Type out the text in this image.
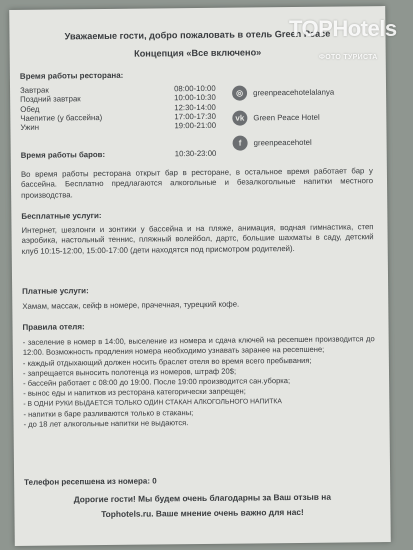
Уважаемые гости, добро пожаловать в отель Green Peace
Концепция «Все включено»
Время работы ресторана:
Завтрак	08:00-10:00
Поздний завтрак	10:00-10:30
Обед	12:30-14:00
Чаепитие (у бассейна)	17:00-17:30
Ужин	19:00-21:00
Время работы баров:	10:30-23:00
◎	greenpeacehotelalanya
vk	Green Peace Hotel
f	greenpeacehotel
Во время работы ресторана открыт бар в ресторане, в остальное время работает бар у бассейна. Бесплатно предлагаются алкогольные и безалкогольные напитки местного производства.
Бесплатные услуги:
Интернет, шезлонги и зонтики у бассейна и на пляже, анимация, водная гимнастика, степ аэробика, настольный теннис, пляжный волейбол, дартс, большие шахматы в саду, детский клуб 10:15-12:00, 15:00-17:00 (дети находятся под присмотром родителей).
Платные услуги:
Хамам, массаж, сейф в номере, прачечная, турецкий кофе.
Правила отеля:
- заселение в номер в 14:00, выселение из номера и сдача ключей на ресепшен производится до 12:00. Возможность продления номера необходимо узнавать заранее на ресепшене;
- каждый отдыхающий должен носить браслет отеля во время всего пребывания;
- запрещается выносить полотенца из номеров, штраф 20$;
- бассейн работает с 08:00 до 19:00. После 19:00 производится сан.уборка;
- вынос еды и напитков из ресторана категорически запрещен;
- В ОДНИ РУКИ ВЫДАЕТСЯ ТОЛЬКО ОДИН СТАКАН АЛКОГОЛЬНОГО НАПИТКА
- напитки в баре разливаются только в стаканы;
- до 18 лет алкогольные напитки не выдаются.
Телефон ресепшена из номера: 0
Дорогие гости! Мы будем очень благодарны за Ваш отзыв на
Tophotels.ru. Ваше мнение очень важно для нас!
TOPHotels
ФОТО ТУРИСТА
